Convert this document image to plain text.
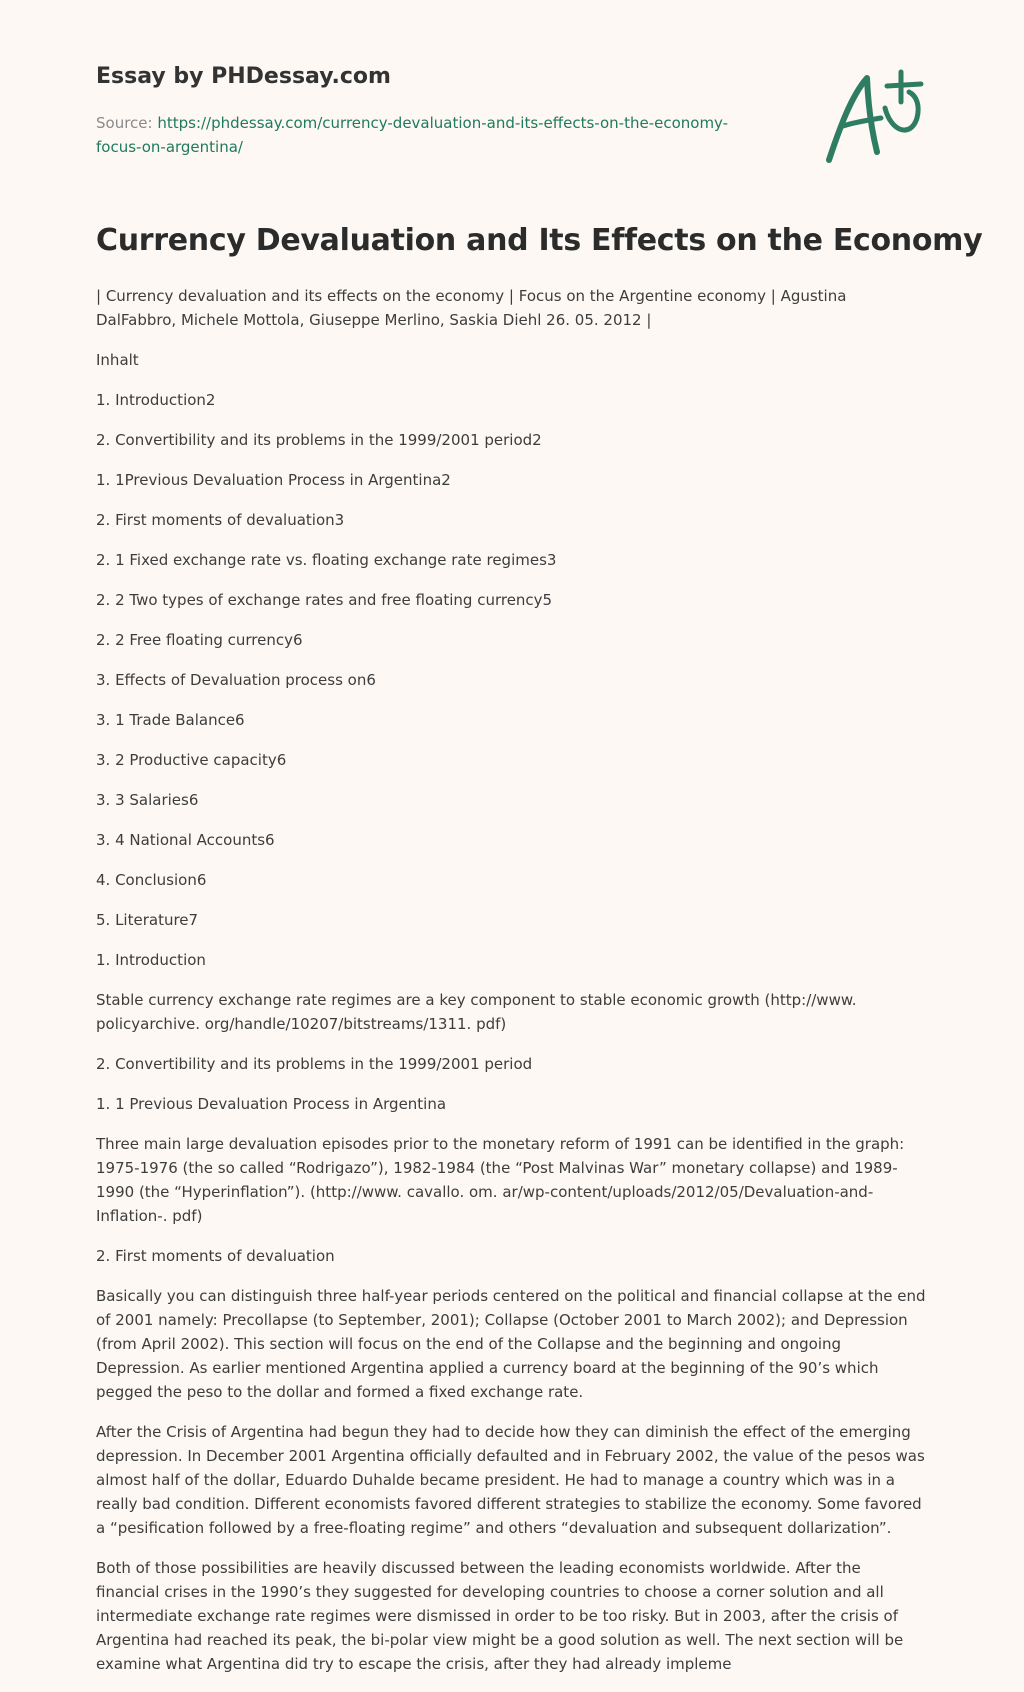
Essay by PHDessay.com
Source: https://phdessay.com/currency-devaluation-and-its-effects-on-the-economy-focus-on-argentina/
Currency Devaluation and Its Effects on the Economy

| Currency devaluation and its effects on the economy | Focus on the Argentine economy | Agustina DalFabbro, Michele Mottola, Giuseppe Merlino, Saskia Diehl 26. 05. 2012 |

Inhalt

1. Introduction2

2. Convertibility and its problems in the 1999/2001 period2

1. 1Previous Devaluation Process in Argentina2

2. First moments of devaluation3

2. 1 Fixed exchange rate vs. floating exchange rate regimes3

2. 2 Two types of exchange rates and free floating currency5

2. 2 Free floating currency6

3. Effects of Devaluation process on6

3. 1 Trade Balance6

3. 2 Productive capacity6

3. 3 Salaries6

3. 4 National Accounts6

4. Conclusion6

5. Literature7

1. Introduction

Stable currency exchange rate regimes are a key component to stable economic growth (http://www. policyarchive. org/handle/10207/bitstreams/1311. pdf)

2. Convertibility and its problems in the 1999/2001 period

1. 1 Previous Devaluation Process in Argentina

Three main large devaluation episodes prior to the monetary reform of 1991 can be identified in the graph: 1975-1976 (the so called “Rodrigazo”), 1982-1984 (the “Post Malvinas War” monetary collapse) and 1989-1990 (the “Hyperinflation”). (http://www. cavallo. om. ar/wp-content/uploads/2012/05/Devaluation-and-Inflation-. pdf)

2. First moments of devaluation

Basically you can distinguish three half-year periods centered on the political and financial collapse at the end of 2001 namely: Precollapse (to September, 2001); Collapse (October 2001 to March 2002); and Depression (from April 2002). This section will focus on the end of the Collapse and the beginning and ongoing Depression. As earlier mentioned Argentina applied a currency board at the beginning of the 90’s which pegged the peso to the dollar and formed a fixed exchange rate.

After the Crisis of Argentina had begun they had to decide how they can diminish the effect of the emerging depression. In December 2001 Argentina officially defaulted and in February 2002, the value of the pesos was almost half of the dollar, Eduardo Duhalde became president. He had to manage a country which was in a really bad condition. Different economists favored different strategies to stabilize the economy. Some favored a “pesification followed by a free-floating regime” and others “devaluation and subsequent dollarization”.

Both of those possibilities are heavily discussed between the leading economists worldwide. After the financial crises in the 1990’s they suggested for developing countries to choose a corner solution and all intermediate exchange rate regimes were dismissed in order to be too risky. But in 2003, after the crisis of Argentina had reached its peak, the bi-polar view might be a good solution as well. The next section will be examine what Argentina did try to escape the crisis, after they had already impleme
